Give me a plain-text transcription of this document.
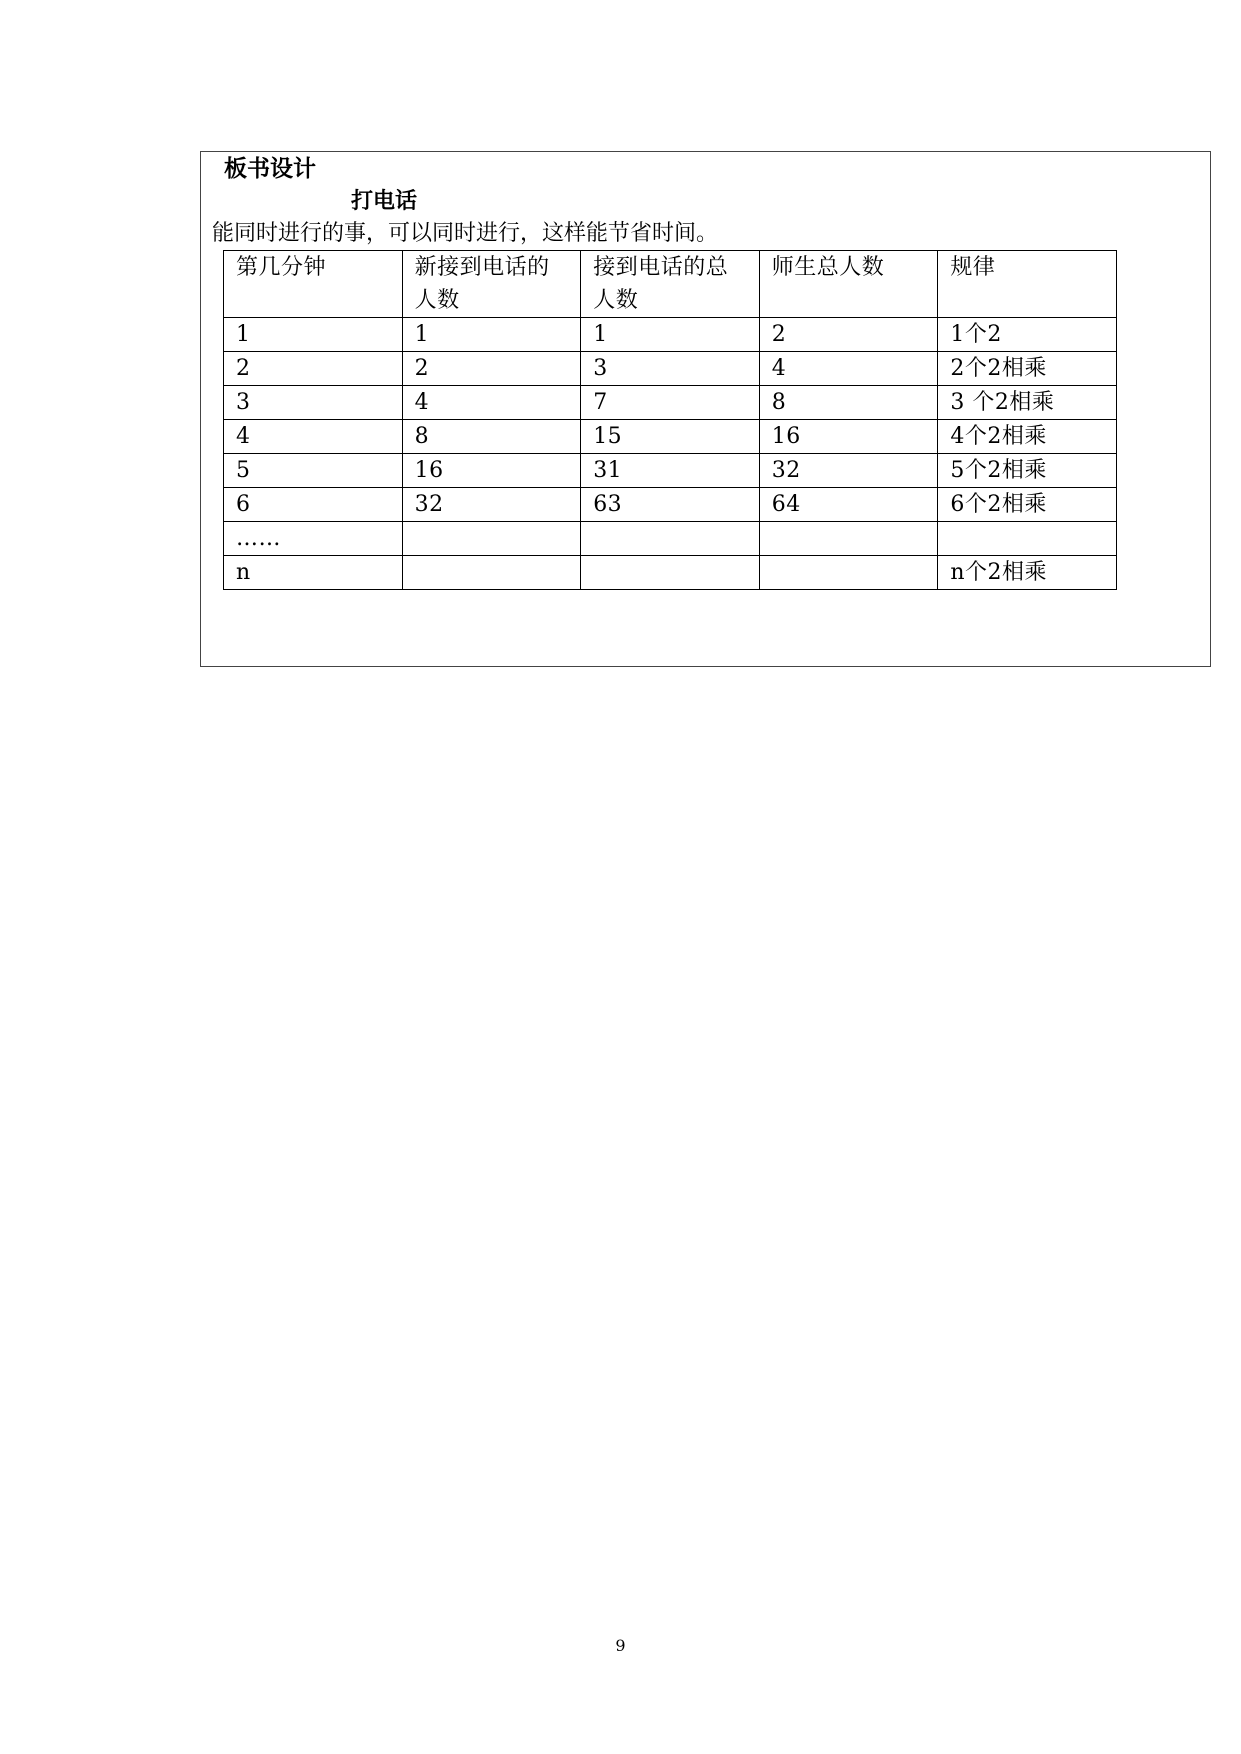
板书设计
打电话

能同时进行的事，可以同时进行，这样能节省时间。

第几分钟	新接到电话的人数	接到电话的总人数	师生总人数	规律
1	1	1	2	1个2
2	2	3	4	2个2相乘
3	4	7	8	3 个2相乘
4	8	15	16	4个2相乘
5	16	31	32	5个2相乘
6	32	63	64	6个2相乘
……				
n				n个2相乘

9
